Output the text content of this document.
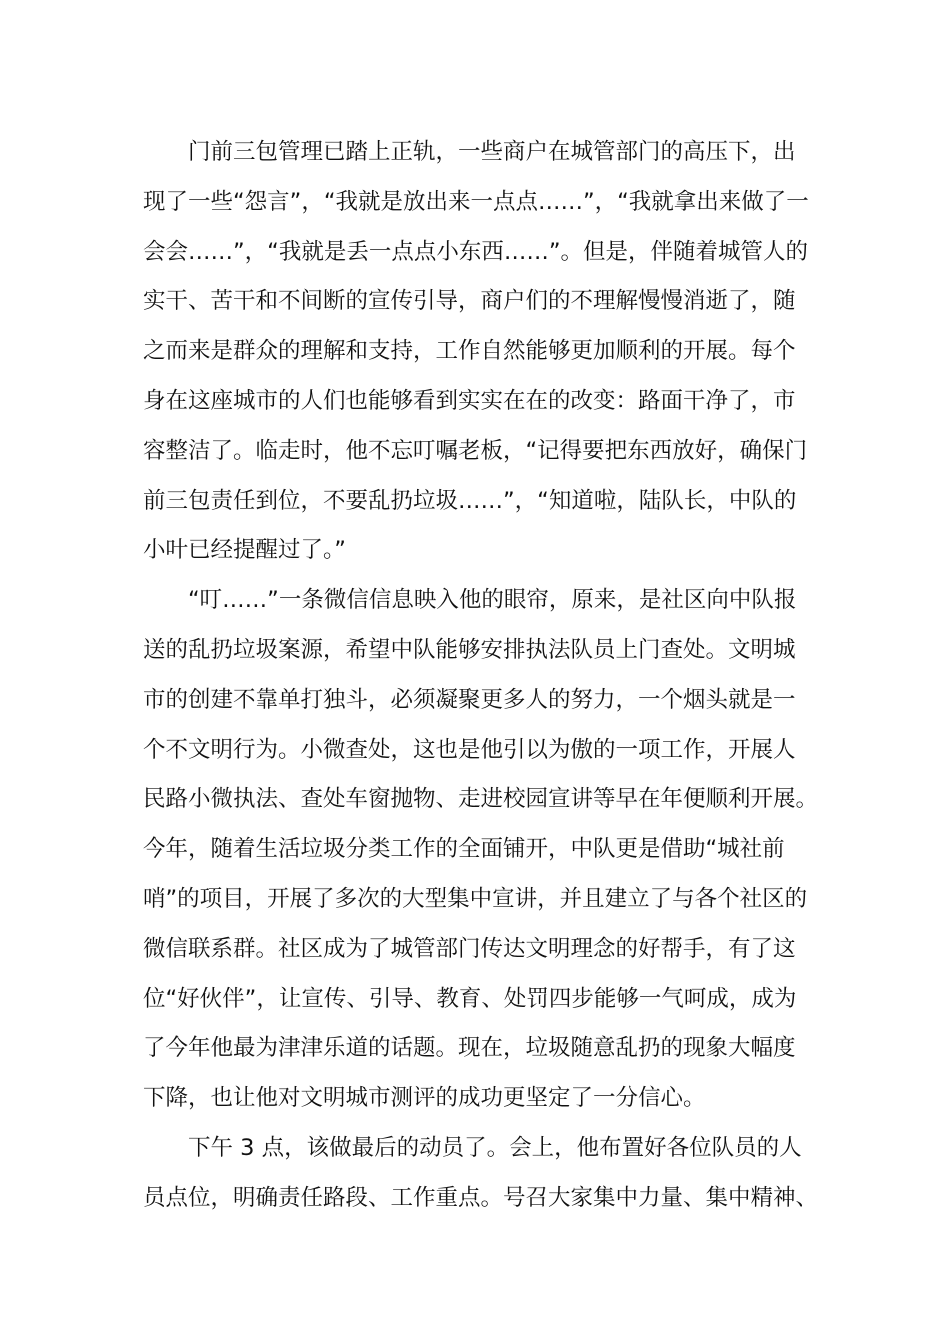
门前三包管理已踏上正轨，一些商户在城管部门的高压下，出
现了一些“怨言”，“我就是放出来一点点……”，“我就拿出来做了一
会会……”，“我就是丢一点点小东西……”。但是，伴随着城管人的
实干、苦干和不间断的宣传引导，商户们的不理解慢慢消逝了，随
之而来是群众的理解和支持，工作自然能够更加顺利的开展。每个
身在这座城市的人们也能够看到实实在在的改变：路面干净了，市
容整洁了。临走时，他不忘叮嘱老板，“记得要把东西放好，确保门
前三包责任到位，不要乱扔垃圾……”，“知道啦，陆队长，中队的
小叶已经提醒过了。”
“叮……”一条微信信息映入他的眼帘，原来，是社区向中队报
送的乱扔垃圾案源，希望中队能够安排执法队员上门查处。文明城
市的创建不靠单打独斗，必须凝聚更多人的努力，一个烟头就是一
个不文明行为。小微查处，这也是他引以为傲的一项工作，开展人
民路小微执法、查处车窗抛物、走进校园宣讲等早在年便顺利开展。
今年，随着生活垃圾分类工作的全面铺开，中队更是借助“城社前
哨”的项目，开展了多次的大型集中宣讲，并且建立了与各个社区的
微信联系群。社区成为了城管部门传达文明理念的好帮手，有了这
位“好伙伴”，让宣传、引导、教育、处罚四步能够一气呵成，成为
了今年他最为津津乐道的话题。现在，垃圾随意乱扔的现象大幅度
下降，也让他对文明城市测评的成功更坚定了一分信心。
下午 3 点，该做最后的动员了。会上，他布置好各位队员的人
员点位，明确责任路段、工作重点。号召大家集中力量、集中精神、
